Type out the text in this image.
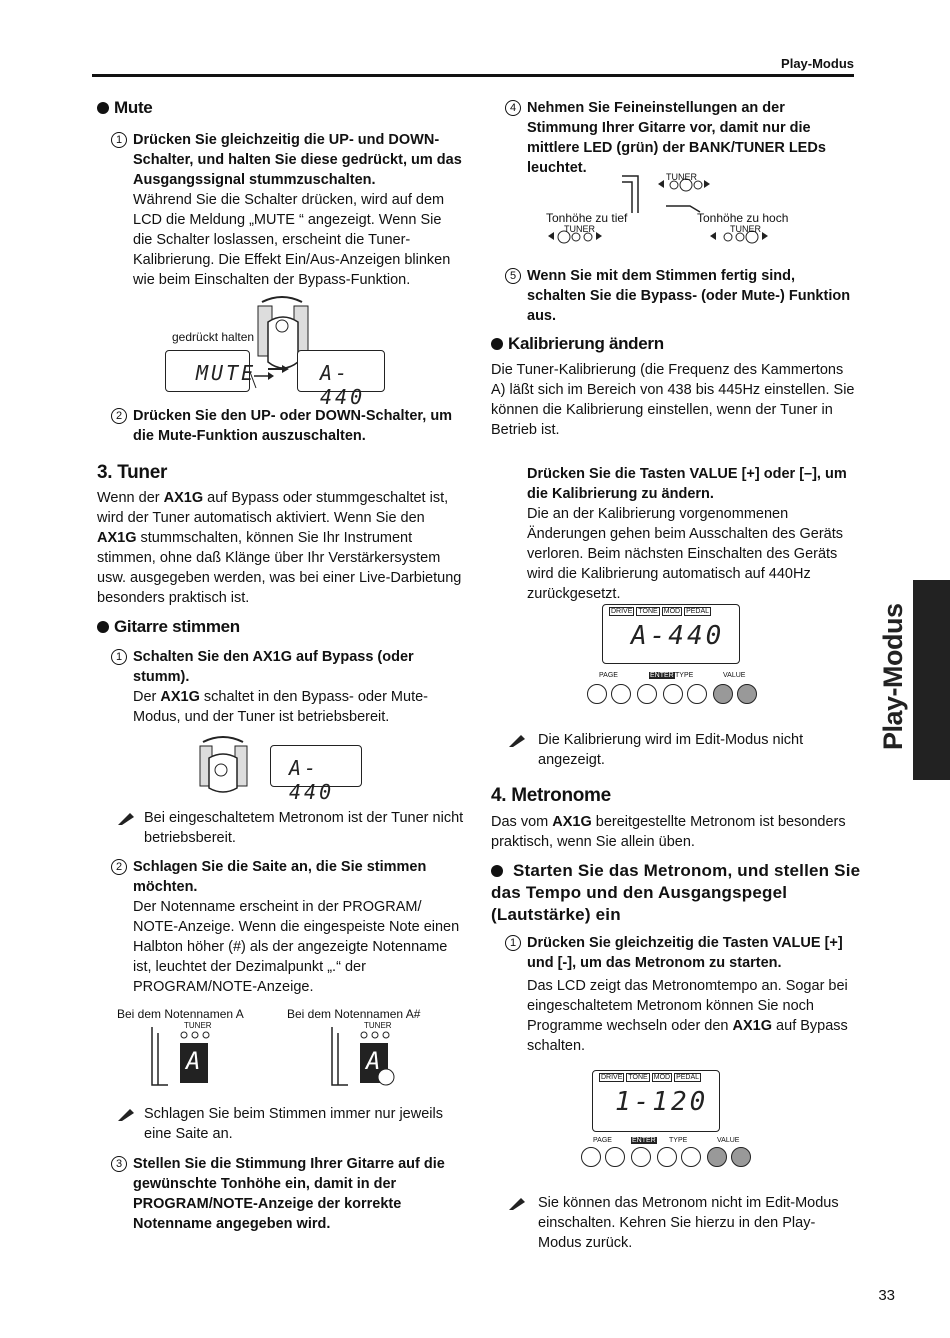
Play-Modus
Play-Modus
Mute
1 Drücken Sie gleichzeitig die UP- und DOWN-Schalter, und halten Sie diese gedrückt, um das Ausgangssignal stummzuschalten.
Während Sie die Schalter drücken, wird auf dem LCD die Meldung „MUTE “ angezeigt. Wenn Sie die Schalter loslassen, erscheint die Tuner-Kalibrierung. Die Effekt Ein/Aus-Anzeigen blinken wie beim Einschalten der Bypass-Funktion.
gedrückt halten
MUTE	A-440
2 Drücken Sie den UP- oder DOWN-Schalter, um die Mute-Funktion auszuschalten.
3. Tuner
Wenn der AX1G auf Bypass oder stummgeschaltet ist, wird der Tuner automatisch aktiviert. Wenn Sie den AX1G stummschalten, können Sie Ihr Instrument stimmen, ohne daß Klänge über Ihr Verstärkersystem usw. ausgegeben werden, was bei einer Live-Darbietung besonders praktisch ist.
Gitarre stimmen
1 Schalten Sie den AX1G auf Bypass (oder stumm).
Der AX1G schaltet in den Bypass- oder Mute-Modus, und der Tuner ist betriebsbereit.
A-440
Bei eingeschaltetem Metronom ist der Tuner nicht betriebsbereit.
2 Schlagen Sie die Saite an, die Sie stimmen möchten.
Der Notenname erscheint in der PROGRAM/ NOTE-Anzeige. Wenn die eingespeiste Note einen Halbton höher (#) als der angezeigte Notenname ist, leuchtet der Dezimalpunkt „.“ der PROGRAM/NOTE-Anzeige.
Bei dem Notennamen A	Bei dem Notennamen A#
TUNER
A
TUNER
A
Schlagen Sie beim Stimmen immer nur jeweils eine Saite an.
3 Stellen Sie die Stimmung Ihrer Gitarre auf die gewünschte Tonhöhe ein, damit in der PROGRAM/NOTE-Anzeige der korrekte Notenname angegeben wird.
4 Nehmen Sie Feineinstellungen an der Stimmung Ihrer Gitarre vor, damit nur die mittlere LED (grün) der BANK/TUNER LEDs leuchtet.
TUNER
TUNER	TUNER
Tonhöhe zu tief	Tonhöhe zu hoch
5 Wenn Sie mit dem Stimmen fertig sind, schalten Sie die Bypass- (oder Mute-) Funktion aus.
Kalibrierung ändern
Die Tuner-Kalibrierung (die Frequenz des Kammertons A) läßt sich im Bereich von 438 bis 445Hz einstellen. Sie können die Kalibrierung einstellen, wenn der Tuner in Betrieb ist.
Drücken Sie die Tasten VALUE [+] oder [–], um die Kalibrierung zu ändern.
Die an der Kalibrierung vorgenommenen Änderungen gehen beim Ausschalten des Geräts verloren. Beim nächsten Einschalten des Geräts wird die Kalibrierung automatisch auf 440Hz zurückgesetzt.
DRIVE TONE MOD PEDAL
A-440
PAGE	ENTER TYPE	VALUE
Die Kalibrierung wird im Edit-Modus nicht angezeigt.
4. Metronome
Das vom AX1G bereitgestellte Metronom ist besonders praktisch, wenn Sie allein üben.
Starten Sie das Metronom, und stellen Sie das Tempo und den Ausgangspegel (Lautstärke) ein
1 Drücken Sie gleichzeitig die Tasten VALUE [+] und [-], um das Metronom zu starten.
Das LCD zeigt das Metronomtempo an. Sogar bei eingeschaltetem Metronom können Sie noch Programme wechseln oder den AX1G auf Bypass schalten.
DRIVE TONE MOD PEDAL
1-120
PAGE	ENTER TYPE	VALUE
Sie können das Metronom nicht im Edit-Modus einschalten. Kehren Sie hierzu in den Play-Modus zurück.
33
